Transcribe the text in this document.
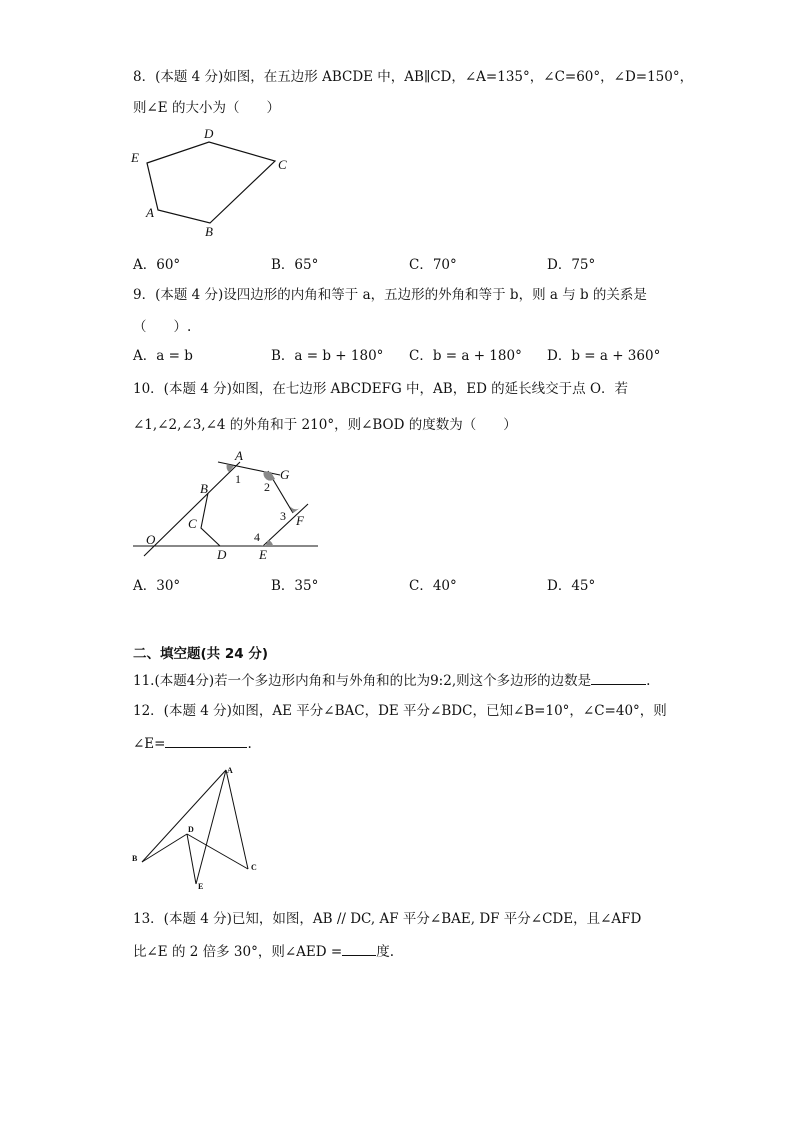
8．(本题 4 分)如图，在五边形 ABCDE 中，AB∥CD，∠A=135°，∠C=60°，∠D=150°，
则∠E 的大小为（　　）
E
D
C
A
B
A．60°	B．65°	C．70°	D．75°
9．(本题 4 分)设四边形的内角和等于 a，五边形的外角和等于 b，则 a 与 b 的关系是
（　　）.
A．a = b	B．a = b + 180° C．b = a + 180° D．b = a + 360°
10．(本题 4 分)如图，在七边形 ABCDEFG 中，AB，ED 的延长线交于点 O．若
∠1,∠2,∠3,∠4 的外角和于 210°，则∠BOD 的度数为（　　）
A
G
B
C	F
O
D	E
1
2
3
4
A．30°	B．35°	C．40°	D．45°
二、填空题(共 24 分)
11.(本题4分)若一个多边形内角和与外角和的比为9:2,则这个多边形的边数是	.
12．(本题 4 分)如图，AE 平分∠BAC，DE 平分∠BDC，已知∠B=10°，∠C=40°，则
∠E=	.
A
D
B
C
E
13．(本题 4 分)已知，如图，AB // DC, AF 平分∠BAE, DF 平分∠CDE，且∠AFD
比∠E 的 2 倍多 30°，则∠AED =	度.
